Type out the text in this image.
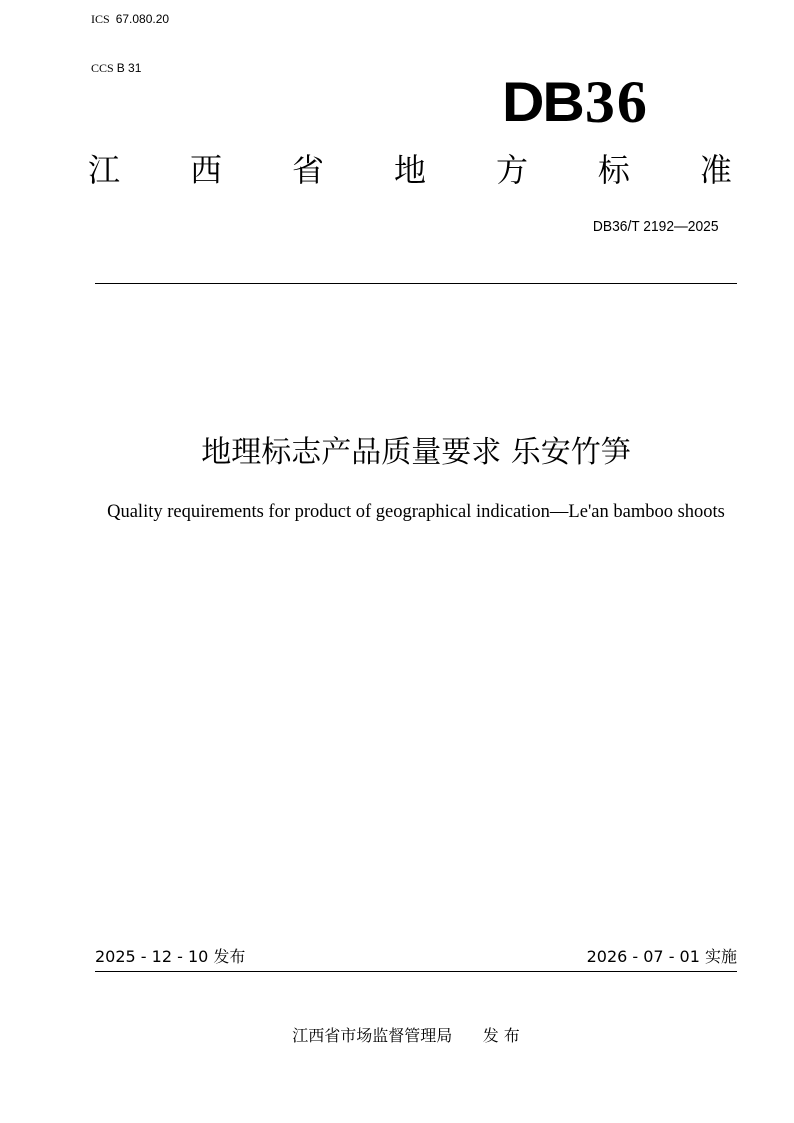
ICS 67.080.20
CCS B 31
DB 36
江 西 省 地 方 标 准
DB36/T 2192—2025
地理标志产品质量要求 乐安竹笋
Quality requirements for product of geographical indication—Le'an bamboo shoots
2025 - 12 - 10 发布	2026 - 07 - 01 实施
江西省市场监督管理局 发 布
